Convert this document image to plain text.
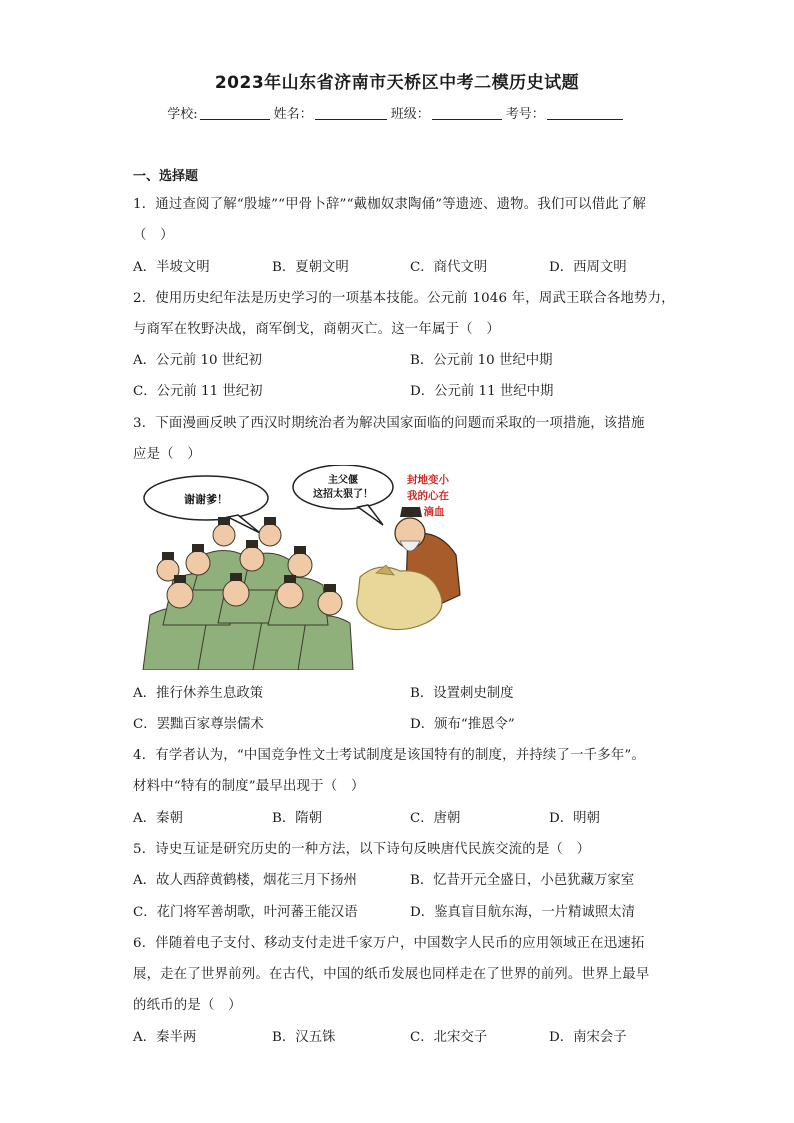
2023年山东省济南市天桥区中考二模历史试题
学校:	姓名：	班级：	考号：
一、选择题
1．通过查阅了解“殷墟”“甲骨卜辞”“戴枷奴隶陶俑”等遗迹、遗物。我们可以借此了解
（　）
A．半坡文明	B．夏朝文明	C．商代文明	D．西周文明
2．使用历史纪年法是历史学习的一项基本技能。公元前 1046 年，周武王联合各地势力，
与商军在牧野决战，商军倒戈，商朝灭亡。这一年属于（　）
A．公元前 10 世纪初	B．公元前 10 世纪中期
C．公元前 11 世纪初	D．公元前 11 世纪中期
3．下面漫画反映了西汉时期统治者为解决国家面临的问题而采取的一项措施，该措施
应是（　）
谢谢爹！
主父偃
这招太狠了！
封地变小
我的心在
滴血
A．推行休养生息政策	B．设置刺史制度
C．罢黜百家尊崇儒术	D．颁布“推恩令”
4．有学者认为，“中国竞争性文士考试制度是该国特有的制度，并持续了一千多年”。
材料中“特有的制度”最早出现于（　）
A．秦朝	B．隋朝	C．唐朝	D．明朝
5．诗史互证是研究历史的一种方法，以下诗句反映唐代民族交流的是（　）
A．故人西辞黄鹤楼，烟花三月下扬州	B．忆昔开元全盛日，小邑犹藏万家室
C．花门将军善胡歌，叶河蕃王能汉语	D．鉴真盲目航东海，一片精诚照太清
6．伴随着电子支付、移动支付走进千家万户，中国数字人民币的应用领域正在迅速拓
展，走在了世界前列。在古代，中国的纸币发展也同样走在了世界的前列。世界上最早
的纸币的是（　）
A．秦半两	B．汉五铢	C．北宋交子	D．南宋会子
